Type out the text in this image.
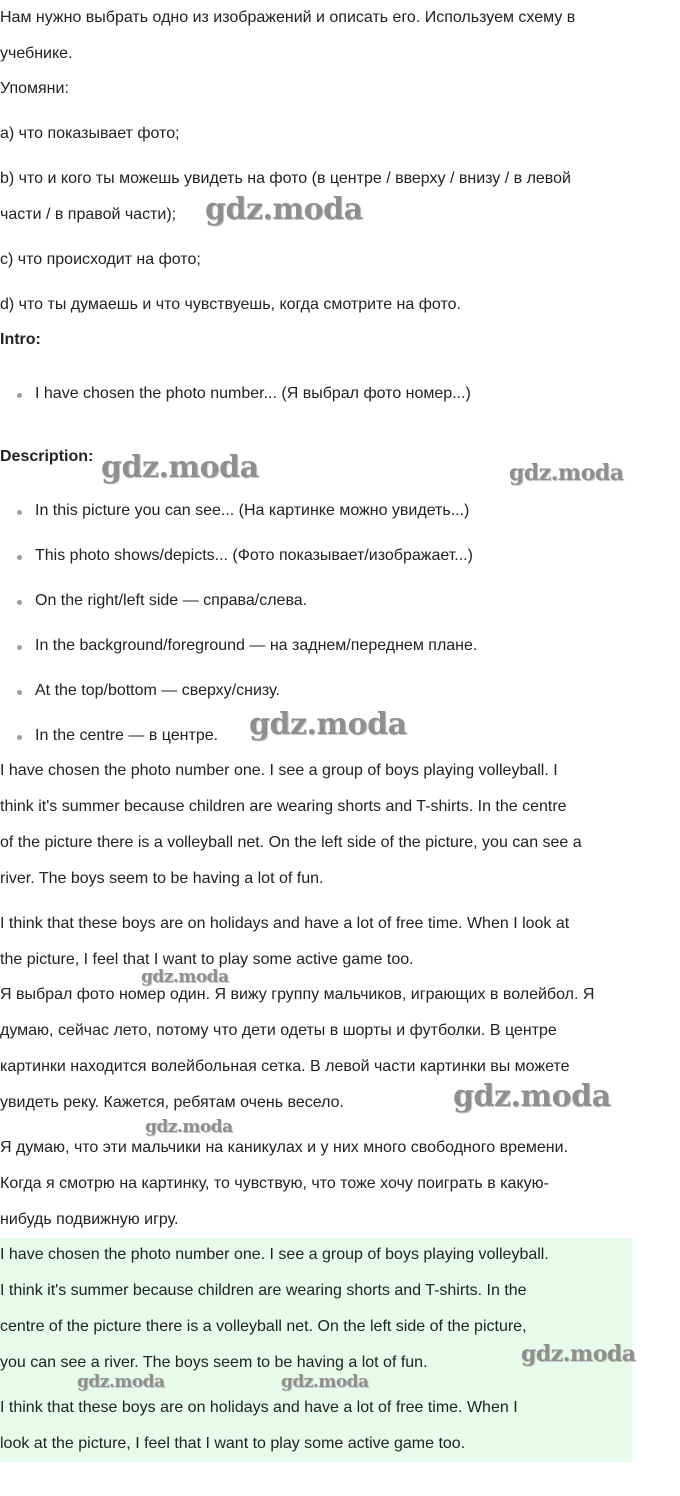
Нам нужно выбрать одно из изображений и описать его. Используем схему в

учебнике.

Упомяни:

a) что показывает фото;

b) что и кого ты можешь увидеть на фото (в центре / вверху / внизу / в левой

части / в правой части);

c) что происходит на фото;

d) что ты думаешь и что чувствуешь, когда смотрите на фото.

Intro:

I have chosen the photo number... (Я выбрал фото номер...)

Description:

In this picture you can see... (На картинке можно увидеть...)
This photo shows/depicts... (Фото показывает/изображает...)
On the right/left side — справа/слева.
In the background/foreground — на заднем/переднем плане.
At the top/bottom — сверху/снизу.
In the centre — в центре.

I have chosen the photo number one. I see a group of boys playing volleyball. I

think it's summer because children are wearing shorts and T-shirts. In the centre

of the picture there is a volleyball net. On the left side of the picture, you can see a

river. The boys seem to be having a lot of fun.

I think that these boys are on holidays and have a lot of free time. When I look at

the picture, I feel that I want to play some active game too.

Я выбрал фото номер один. Я вижу группу мальчиков, играющих в волейбол. Я

думаю, сейчас лето, потому что дети одеты в шорты и футболки. В центре

картинки находится волейбольная сетка. В левой части картинки вы можете

увидеть реку. Кажется, ребятам очень весело.

Я думаю, что эти мальчики на каникулах и у них много свободного времени.

Когда я смотрю на картинку, то чувствую, что тоже хочу поиграть в какую-

нибудь подвижную игру.

I have chosen the photo number one. I see a group of boys playing volleyball.

I think it's summer because children are wearing shorts and T-shirts. In the

centre of the picture there is a volleyball net. On the left side of the picture,

you can see a river. The boys seem to be having a lot of fun.

I think that these boys are on holidays and have a lot of free time. When I

look at the picture, I feel that I want to play some active game too.

gdz.moda
gdz.moda	gdz.moda
gdz.moda
gdz.moda
gdz.moda
gdz.moda
gdz.moda
gdz.moda	gdz.moda
